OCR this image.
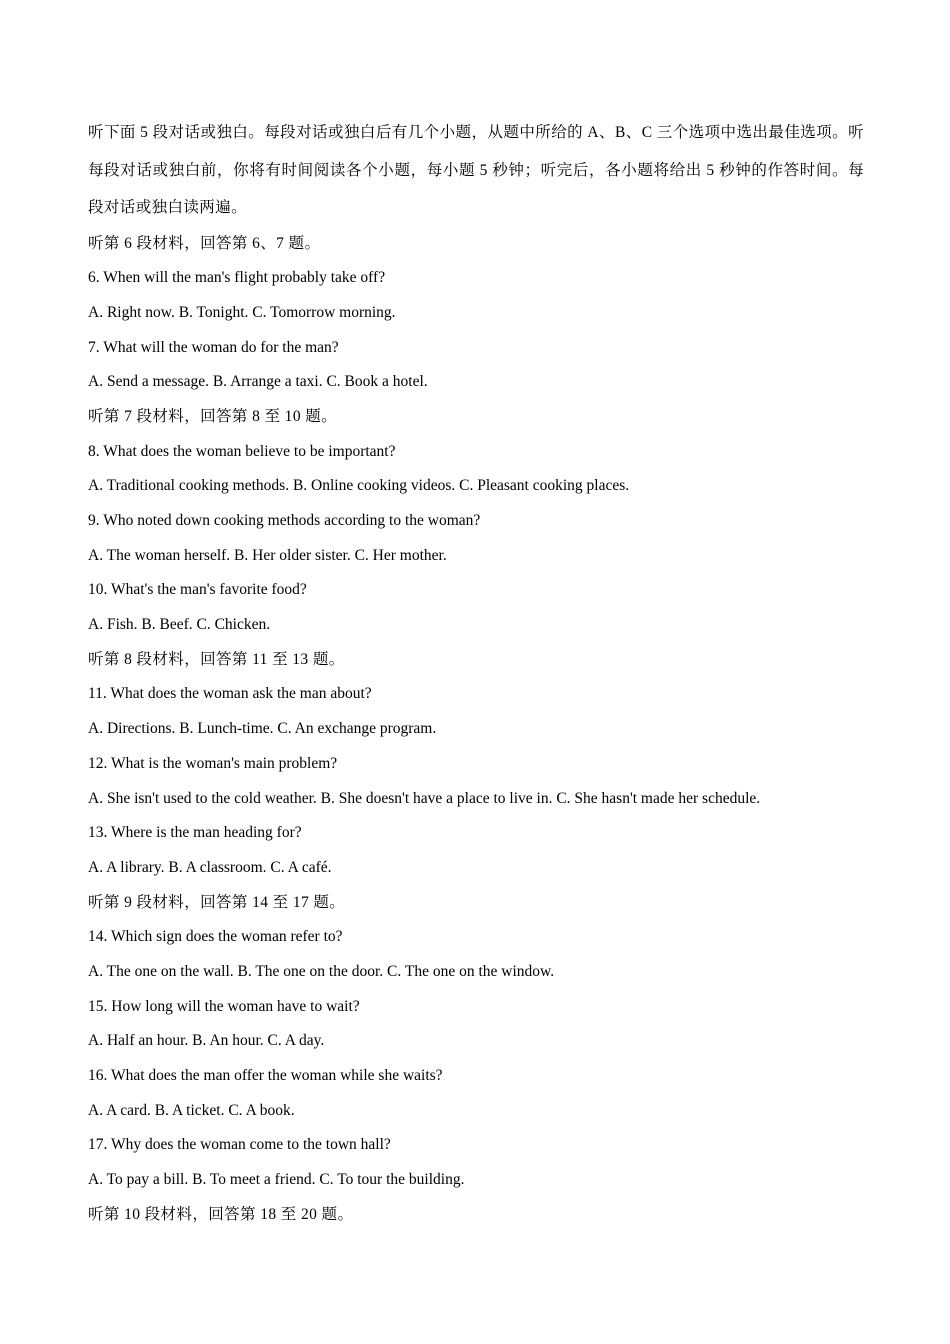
听下面 5 段对话或独白。每段对话或独白后有几个小题，从题中所给的 A、B、C 三个选项中选出最佳选项。听每段对话或独白前，你将有时间阅读各个小题，每小题 5 秒钟；听完后，各小题将给出 5 秒钟的作答时间。每段对话或独白读两遍。

听第 6 段材料，回答第 6、7 题。

6. When will the man's flight probably take off?

A. Right now. B. Tonight. C. Tomorrow morning.

7. What will the woman do for the man?

A. Send a message. B. Arrange a taxi. C. Book a hotel.

听第 7 段材料，回答第 8 至 10 题。

8. What does the woman believe to be important?

A. Traditional cooking methods. B. Online cooking videos. C. Pleasant cooking places.

9. Who noted down cooking methods according to the woman?

A. The woman herself. B. Her older sister. C. Her mother.

10. What's the man's favorite food?

A. Fish. B. Beef. C. Chicken.

听第 8 段材料，回答第 11 至 13 题。

11. What does the woman ask the man about?

A. Directions. B. Lunch-time. C. An exchange program.

12. What is the woman's main problem?

A. She isn't used to the cold weather. B. She doesn't have a place to live in. C. She hasn't made her schedule.

13. Where is the man heading for?

A. A library. B. A classroom. C. A café.

听第 9 段材料，回答第 14 至 17 题。

14. Which sign does the woman refer to?

A. The one on the wall. B. The one on the door. C. The one on the window.

15. How long will the woman have to wait?

A. Half an hour. B. An hour. C. A day.

16. What does the man offer the woman while she waits?

A. A card. B. A ticket. C. A book.

17. Why does the woman come to the town hall?

A. To pay a bill. B. To meet a friend. C. To tour the building.

听第 10 段材料，回答第 18 至 20 题。
